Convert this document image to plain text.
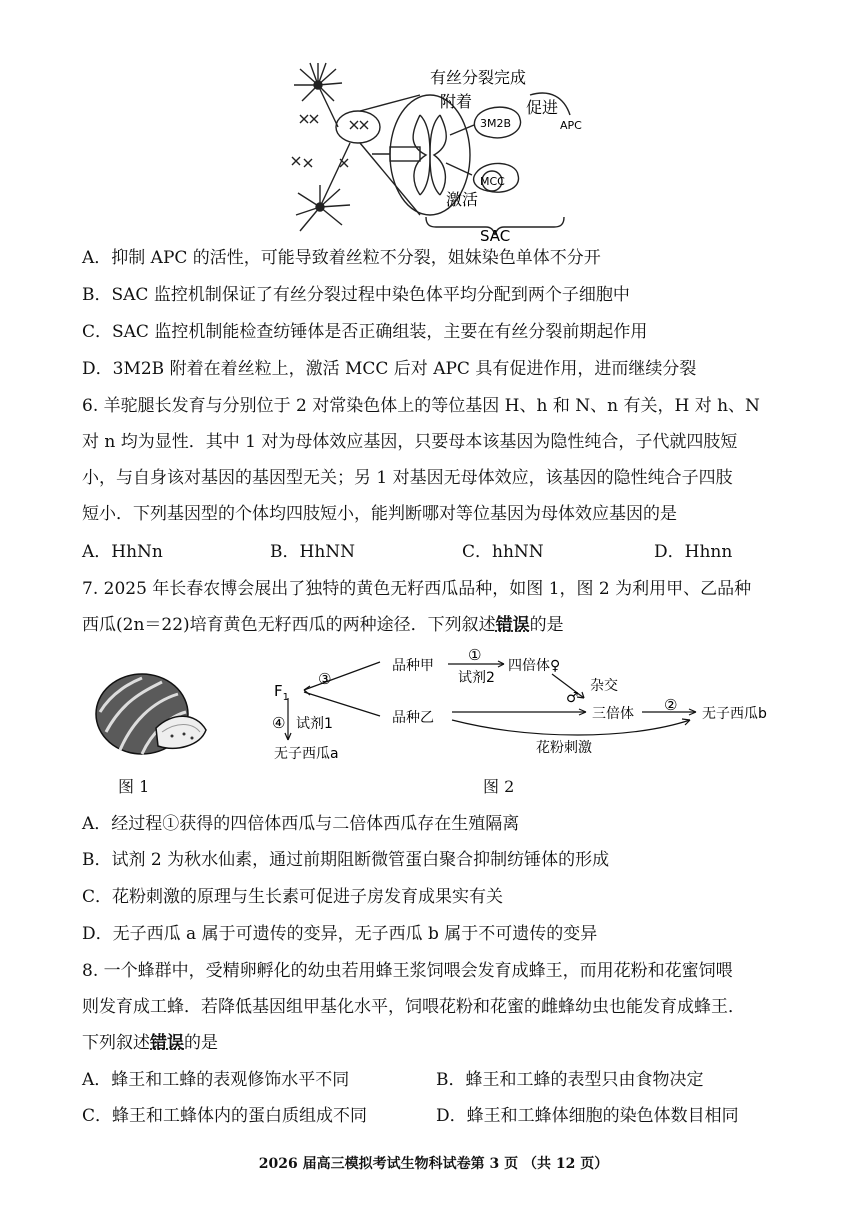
有丝分裂完成
附着	促进
APC
3M2B
MCC
激活
SAC
A．抑制 APC 的活性，可能导致着丝粒不分裂，姐妹染色单体不分开
B．SAC 监控机制保证了有丝分裂过程中染色体平均分配到两个子细胞中
C．SAC 监控机制能检查纺锤体是否正确组装，主要在有丝分裂前期起作用
D．3M2B 附着在着丝粒上，激活 MCC 后对 APC 具有促进作用，进而继续分裂
6. 羊驼腿长发育与分别位于 2 对常染色体上的等位基因 H、h 和 N、n 有关，H 对 h、N
对 n 均为显性．其中 1 对为母体效应基因，只要母本该基因为隐性纯合，子代就四肢短
小，与自身该对基因的基因型无关；另 1 对基因无母体效应，该基因的隐性纯合子四肢
短小．下列基因型的个体均四肢短小，能判断哪对等位基因为母体效应基因的是
A．HhNn	B．HhNN	C．hhNN	D．Hhnn
7. 2025 年长春农博会展出了独特的黄色无籽西瓜品种，如图 1，图 2 为利用甲、乙品种
西瓜(2n＝22)培育黄色无籽西瓜的两种途径．下列叙述错误的是
图 1
$F_1$
③
品种甲
品种乙
①
试剂2
四倍体♀
杂交
♂
三倍体 ② 无子西瓜b
④ 试剂1
无子西瓜a	花粉刺激
图 2
A．经过程①获得的四倍体西瓜与二倍体西瓜存在生殖隔离
B．试剂 2 为秋水仙素，通过前期阻断微管蛋白聚合抑制纺锤体的形成
C．花粉刺激的原理与生长素可促进子房发育成果实有关
D．无子西瓜 a 属于可遗传的变异，无子西瓜 b 属于不可遗传的变异
8. 一个蜂群中，受精卵孵化的幼虫若用蜂王浆饲喂会发育成蜂王，而用花粉和花蜜饲喂
则发育成工蜂．若降低基因组甲基化水平，饲喂花粉和花蜜的雌蜂幼虫也能发育成蜂王．
下列叙述错误的是
A．蜂王和工蜂的表观修饰水平不同	B．蜂王和工蜂的表型只由食物决定
C．蜂王和工蜂体内的蛋白质组成不同	D．蜂王和工蜂体细胞的染色体数目相同
2026 届高三模拟考试生物科试卷第 3 页 （共 12 页）
